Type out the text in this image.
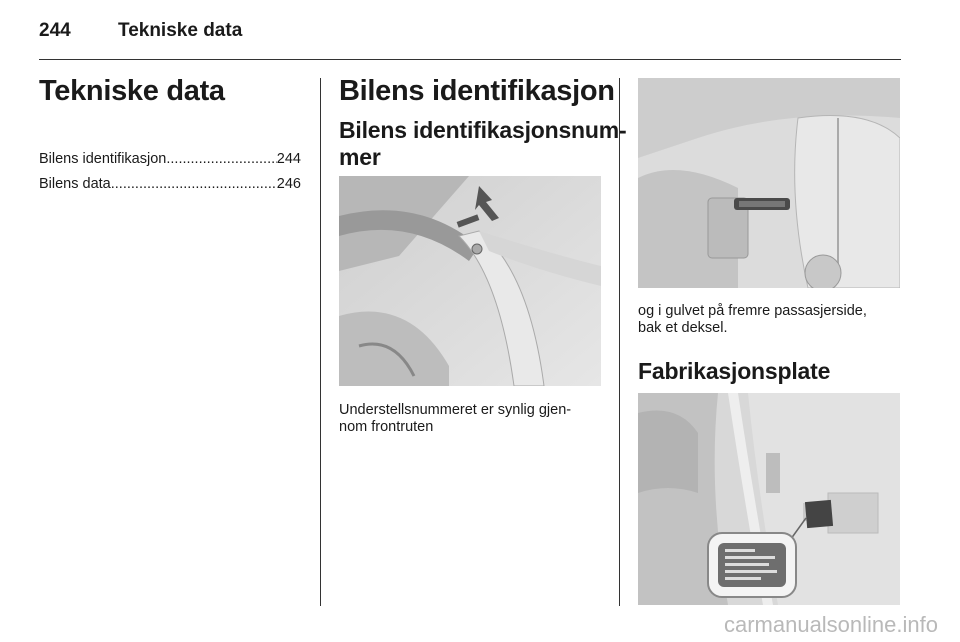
244 Tekniske data
Tekniske data
Bilens identifikasjon .....	244
Bilens data .....	246
Bilens identifikasjon
Bilens identifikasjonsnum-
mer
Understellsnummeret er synlig gjen-
nom frontruten
og i gulvet på fremre passasjerside,
bak et deksel.
Fabrikasjonsplate
carmanualsonline.info
